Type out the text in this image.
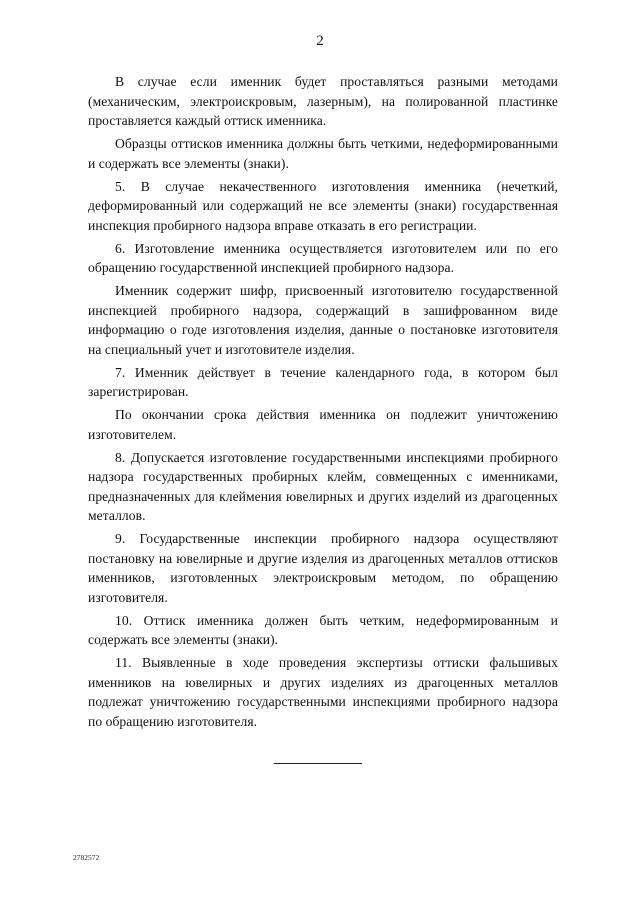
2

В случае если именник будет проставляться разными методами (механическим, электроискровым, лазерным), на полированной пластинке проставляется каждый оттиск именника.

Образцы оттисков именника должны быть четкими, недеформированными и содержать все элементы (знаки).

5. В случае некачественного изготовления именника (нечеткий, деформированный или содержащий не все элементы (знаки) государственная инспекция пробирного надзора вправе отказать в его регистрации.

6. Изготовление именника осуществляется изготовителем или по его обращению государственной инспекцией пробирного надзора.

Именник содержит шифр, присвоенный изготовителю государственной инспекцией пробирного надзора, содержащий в зашифрованном виде информацию о годе изготовления изделия, данные о постановке изготовителя на специальный учет и изготовителе изделия.

7. Именник действует в течение календарного года, в котором был зарегистрирован.

По окончании срока действия именника он подлежит уничтожению изготовителем.

8. Допускается изготовление государственными инспекциями пробирного надзора государственных пробирных клейм, совмещенных с именниками, предназначенных для клеймения ювелирных и других изделий из драгоценных металлов.

9. Государственные инспекции пробирного надзора осуществляют постановку на ювелирные и другие изделия из драгоценных металлов оттисков именников, изготовленных электроискровым методом, по обращению изготовителя.

10. Оттиск именника должен быть четким, недеформированным и содержать все элементы (знаки).

11. Выявленные в ходе проведения экспертизы оттиски фальшивых именников на ювелирных и других изделиях из драгоценных металлов подлежат уничтожению государственными инспекциями пробирного надзора по обращению изготовителя.

2782572
